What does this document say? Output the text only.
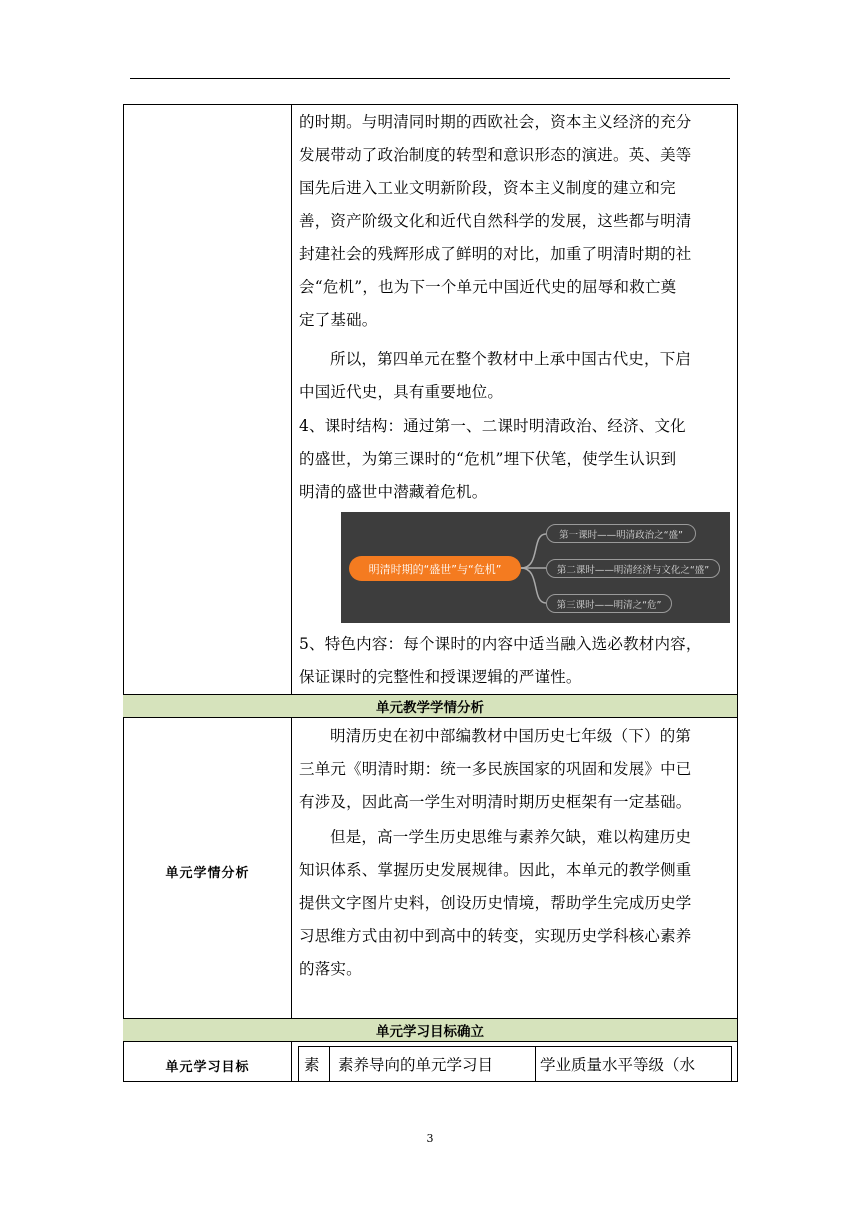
的时期。与明清同时期的西欧社会，资本主义经济的充分
发展带动了政治制度的转型和意识形态的演进。英、美等
国先后进入工业文明新阶段，资本主义制度的建立和完
善，资产阶级文化和近代自然科学的发展，这些都与明清
封建社会的残辉形成了鲜明的对比，加重了明清时期的社
会“危机”，也为下一个单元中国近代史的屈辱和救亡奠
定了基础。
所以，第四单元在整个教材中上承中国古代史，下启
中国近代史，具有重要地位。
4、课时结构：通过第一、二课时明清政治、经济、文化
的盛世，为第三课时的“危机”埋下伏笔，使学生认识到
明清的盛世中潜藏着危机。
明清时期的“盛世”与“危机”
第一课时——明清政治之“盛”
第二课时——明清经济与文化之“盛”
第三课时——明清之“危”
5、特色内容：每个课时的内容中适当融入选必教材内容，
保证课时的完整性和授课逻辑的严谨性。
单元教学学情分析
单元学情分析
明清历史在初中部编教材中国历史七年级（下）的第
三单元《明清时期：统一多民族国家的巩固和发展》中已
有涉及，因此高一学生对明清时期历史框架有一定基础。
但是，高一学生历史思维与素养欠缺，难以构建历史
知识体系、掌握历史发展规律。因此，本单元的教学侧重
提供文字图片史料，创设历史情境，帮助学生完成历史学
习思维方式由初中到高中的转变，实现历史学科核心素养
的落实。
单元学习目标确立
单元学习目标	素	素养导向的单元学习目	学业质量水平等级（水
3
